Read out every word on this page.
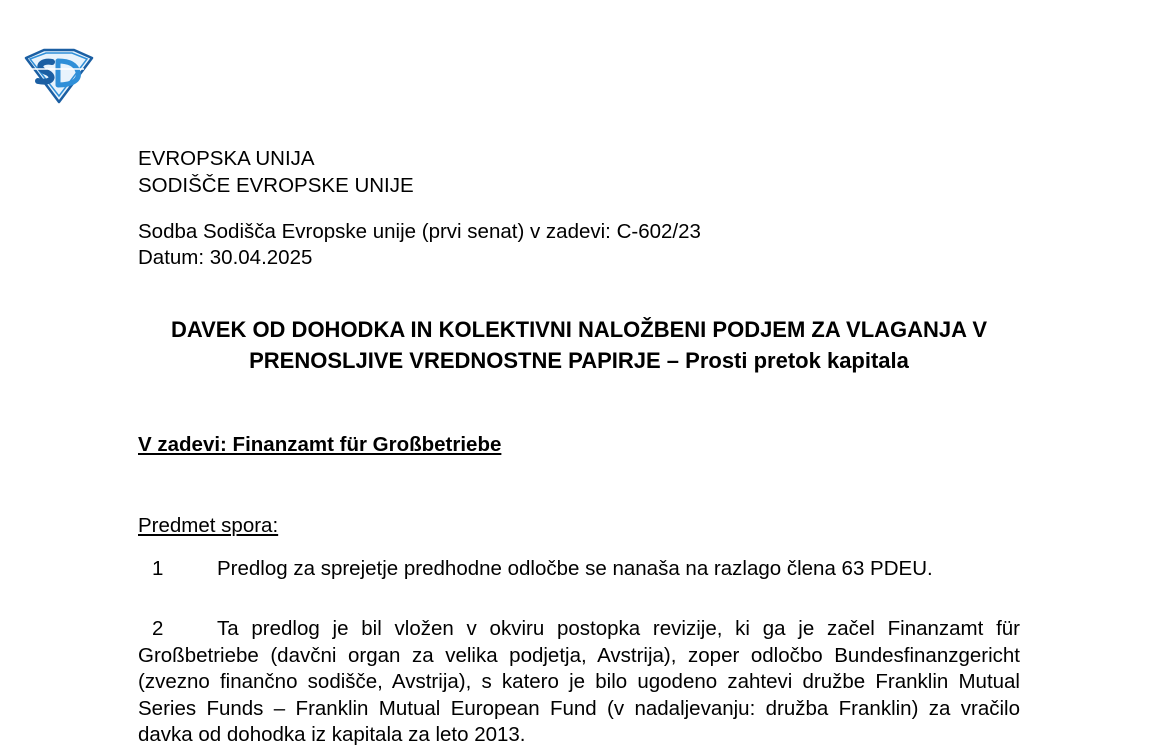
EVROPSKA UNIJA
SODIŠČE EVROPSKE UNIJE
Sodba Sodišča Evropske unije (prvi senat) v zadevi: C-602/23
Datum: 30.04.2025
DAVEK OD DOHODKA IN KOLEKTIVNI NALOŽBENI PODJEM ZA VLAGANJA V PRENOSLJIVE VREDNOSTNE PAPIRJE – Prosti pretok kapitala
V zadevi: Finanzamt für Großbetriebe
Predmet spora:
1	Predlog za sprejetje predhodne odločbe se nanaša na razlago člena 63 PDEU.
2	Ta predlog je bil vložen v okviru postopka revizije, ki ga je začel Finanzamt für Großbetriebe (davčni organ za velika podjetja, Avstrija), zoper odločbo Bundesfinanzgericht (zvezno finančno sodišče, Avstrija), s katero je bilo ugodeno zahtevi družbe Franklin Mutual Series Funds – Franklin Mutual European Fund (v nadaljevanju: družba Franklin) za vračilo davka od dohodka iz kapitala za leto 2013.
